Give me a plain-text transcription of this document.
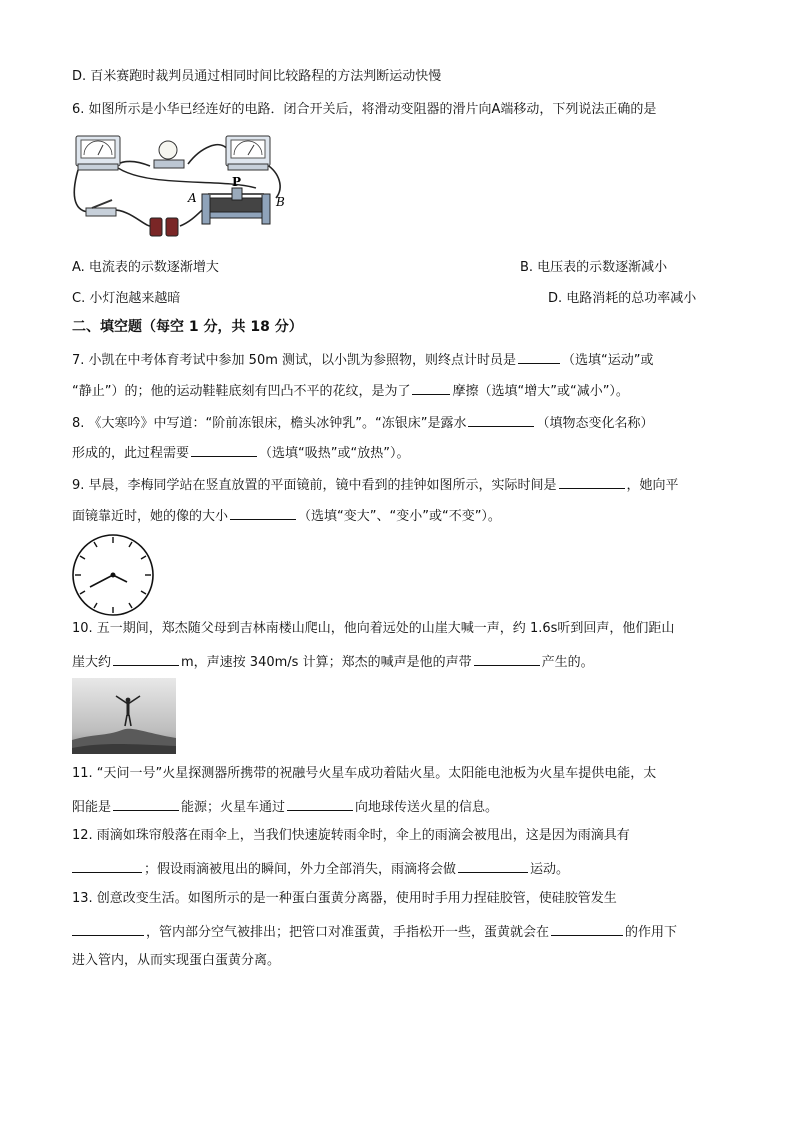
D. 百米赛跑时裁判员通过相同时间比较路程的方法判断运动快慢
6. 如图所示是小华已经连好的电路．闭合开关后，将滑动变阻器的滑片向A端移动，下列说法正确的是
A
P
B
A. 电流表的示数逐渐增大	B. 电压表的示数逐渐减小
C. 小灯泡越来越暗	D. 电路消耗的总功率减小
二、填空题（每空 1 分，共 18 分）
7. 小凯在中考体育考试中参加 50m 测试，以小凯为参照物，则终点计时员是	（选填“运动”或
“静止”）的；他的运动鞋鞋底刻有凹凸不平的花纹，是为了	摩擦（选填“增大”或“减小”）。
8. 《大寒吟》中写道：“阶前冻银床，檐头冰钟乳”。“冻银床”是露水	（填物态变化名称）
形成的，此过程需要	（选填“吸热”或“放热”）。
9. 早晨，李梅同学站在竖直放置的平面镜前，镜中看到的挂钟如图所示，实际时间是	，她向平
面镜靠近时，她的像的大小	（选填“变大”、“变小”或“不变”）。
10. 五一期间，郑杰随父母到吉林南楼山爬山，他向着远处的山崖大喊一声，约 1.6s听到回声，他们距山
崖大约	m，声速按 340m/s 计算；郑杰的喊声是他的声带	产生的。
11. “天问一号”火星探测器所携带的祝融号火星车成功着陆火星。太阳能电池板为火星车提供电能，太
阳能是	能源；火星车通过	向地球传送火星的信息。
12. 雨滴如珠帘般落在雨伞上，当我们快速旋转雨伞时，伞上的雨滴会被甩出，这是因为雨滴具有
；假设雨滴被甩出的瞬间，外力全部消失，雨滴将会做	运动。
13. 创意改变生活。如图所示的是一种蛋白蛋黄分离器，使用时手用力捏硅胶管，使硅胶管发生
，管内部分空气被排出；把管口对准蛋黄，手指松开一些，蛋黄就会在	的作用下
进入管内，从而实现蛋白蛋黄分离。
